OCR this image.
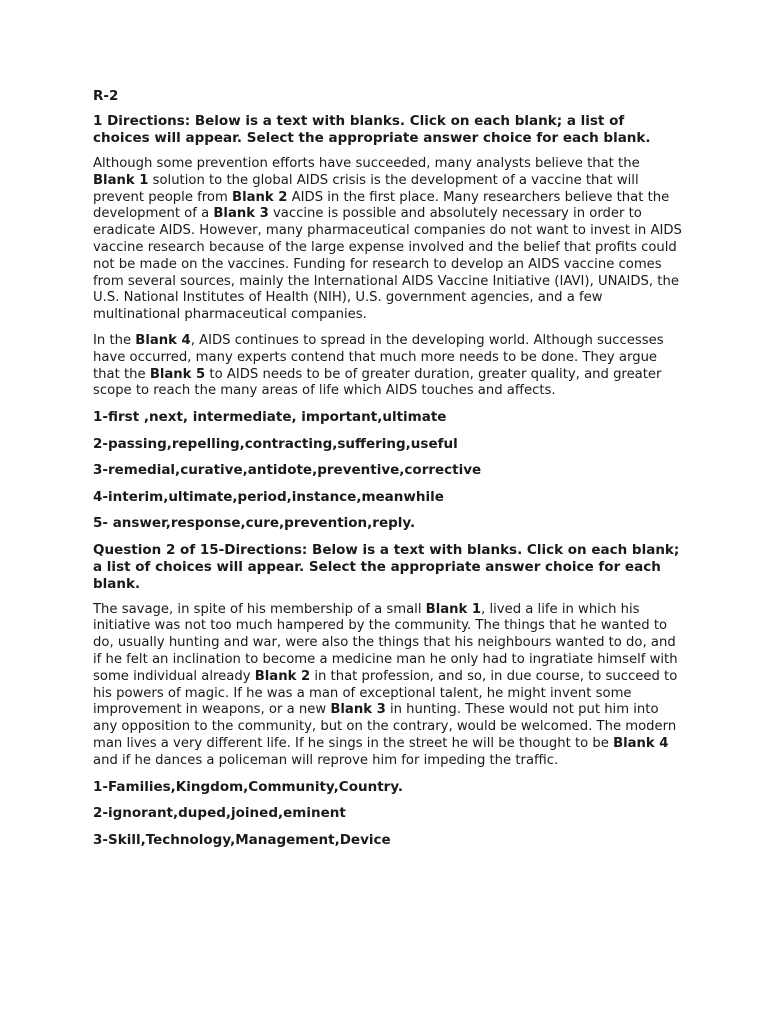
R-2

1 Directions: Below is a text with blanks. Click on each blank; a list of choices will appear. Select the appropriate answer choice for each blank.

Although some prevention efforts have succeeded, many analysts believe that the Blank 1 solution to the global AIDS crisis is the development of a vaccine that will prevent people from Blank 2 AIDS in the first place. Many researchers believe that the development of a Blank 3 vaccine is possible and absolutely necessary in order to eradicate AIDS. However, many pharmaceutical companies do not want to invest in AIDS vaccine research because of the large expense involved and the belief that profits could not be made on the vaccines. Funding for research to develop an AIDS vaccine comes from several sources, mainly the International AIDS Vaccine Initiative (IAVI), UNAIDS, the U.S. National Institutes of Health (NIH), U.S. government agencies, and a few multinational pharmaceutical companies.

In the Blank 4, AIDS continues to spread in the developing world. Although successes have occurred, many experts contend that much more needs to be done. They argue that the Blank 5 to AIDS needs to be of greater duration, greater quality, and greater scope to reach the many areas of life which AIDS touches and affects.

1-first ,next, intermediate, important,ultimate

2-passing,repelling,contracting,suffering,useful

3-remedial,curative,antidote,preventive,corrective

4-interim,ultimate,period,instance,meanwhile

5- answer,response,cure,prevention,reply.

Question 2 of 15-Directions: Below is a text with blanks. Click on each blank; a list of choices will appear. Select the appropriate answer choice for each blank.

The savage, in spite of his membership of a small Blank 1, lived a life in which his initiative was not too much hampered by the community. The things that he wanted to do, usually hunting and war, were also the things that his neighbours wanted to do, and if he felt an inclination to become a medicine man he only had to ingratiate himself with some individual already Blank 2 in that profession, and so, in due course, to succeed to his powers of magic. If he was a man of exceptional talent, he might invent some improvement in weapons, or a new Blank 3 in hunting. These would not put him into any opposition to the community, but on the contrary, would be welcomed. The modern man lives a very different life. If he sings in the street he will be thought to be Blank 4 and if he dances a policeman will reprove him for impeding the traffic.

1-Families,Kingdom,Community,Country.

2-ignorant,duped,joined,eminent

3-Skill,Technology,Management,Device
